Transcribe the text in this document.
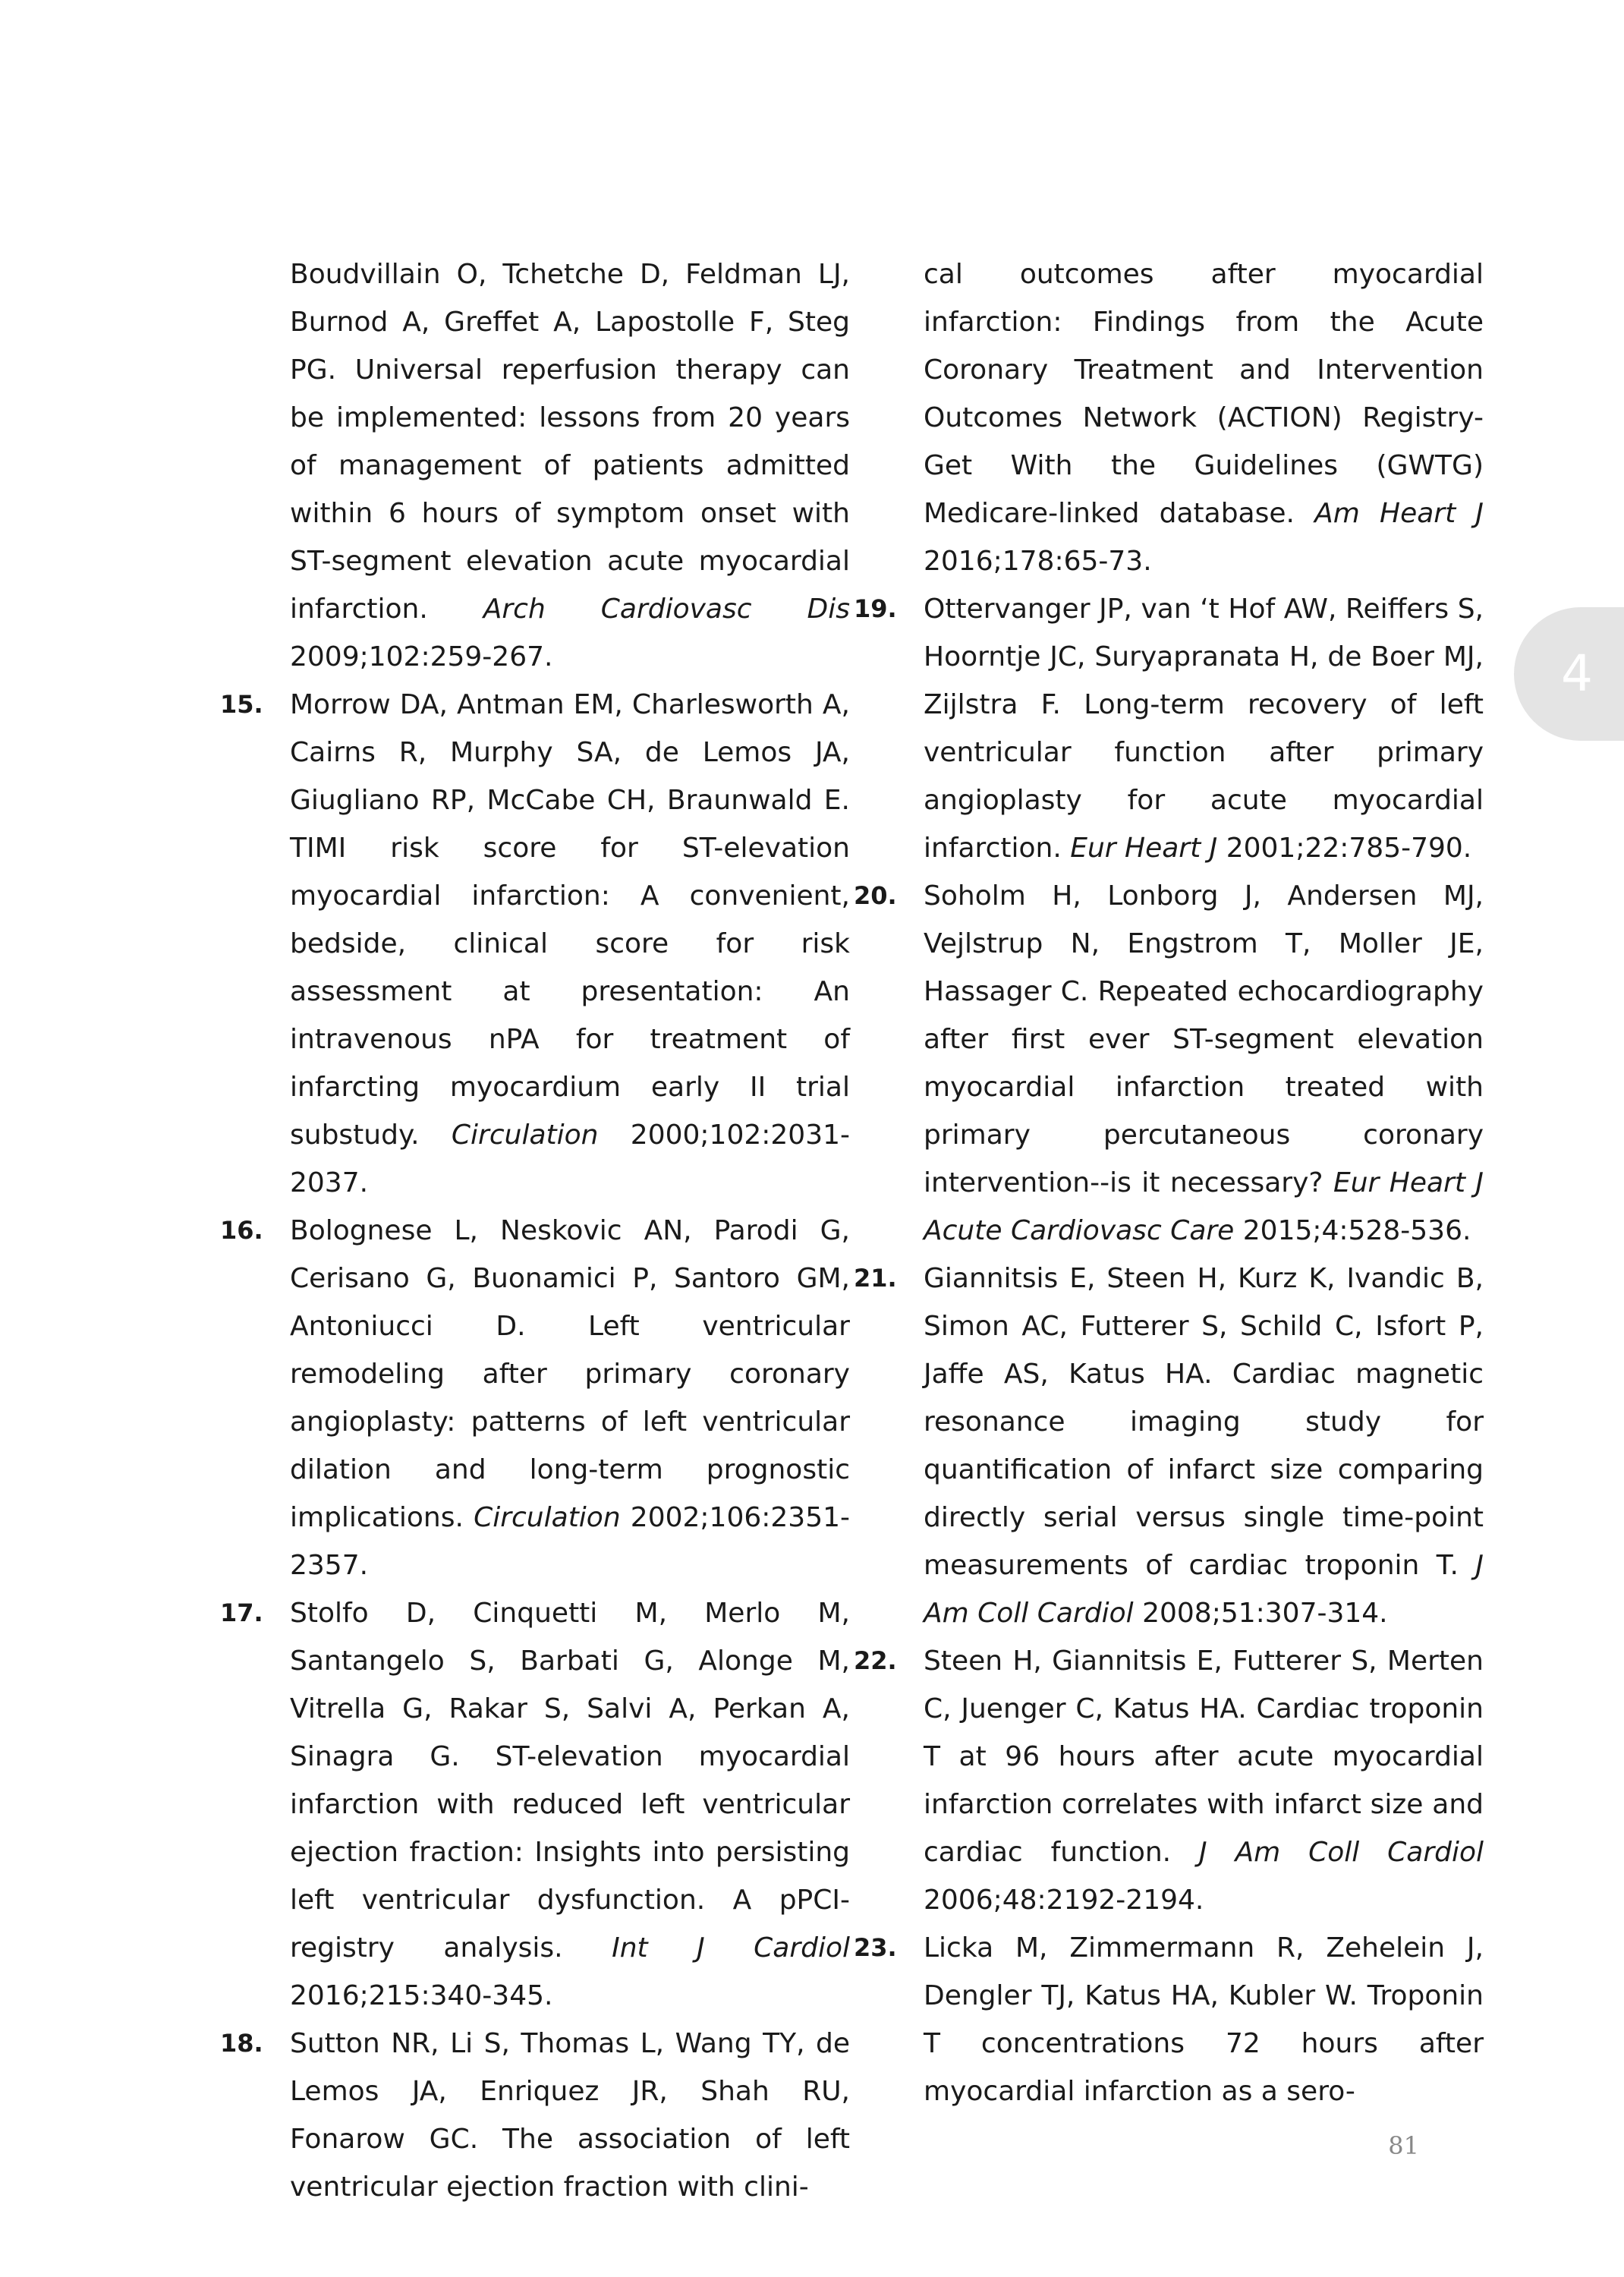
Boudvillain O, Tchetche D, Feldman LJ, Burnod A, Greffet A, Lapostolle F, Steg PG. Universal reperfusion therapy can be implemented: lessons from 20 years of management of patients admitted within 6 hours of symptom onset with ST-segment elevation acute myocardial infarction. Arch Cardiovasc Dis 2009;102:259-267.
15. Morrow DA, Antman EM, Charlesworth A, Cairns R, Murphy SA, de Lemos JA, Giugliano RP, McCabe CH, Braunwald E. TIMI risk score for ST-elevation myocardial infarction: A convenient, bedside, clinical score for risk assessment at presentation: An intravenous nPA for treatment of infarcting myocardium early II trial substudy. Circulation 2000;102:2031-2037.
16. Bolognese L, Neskovic AN, Parodi G, Cerisano G, Buonamici P, Santoro GM, Antoniucci D. Left ventricular remodeling after primary coronary angioplasty: patterns of left ventricular dilation and long-term prognostic implications. Circulation 2002;106:2351-2357.
17. Stolfo D, Cinquetti M, Merlo M, Santangelo S, Barbati G, Alonge M, Vitrella G, Rakar S, Salvi A, Perkan A, Sinagra G. ST-elevation myocardial infarction with reduced left ventricular ejection fraction: Insights into persisting left ventricular dysfunction. A pPCI-registry analysis. Int J Cardiol 2016;215:340-345.
18. Sutton NR, Li S, Thomas L, Wang TY, de Lemos JA, Enriquez JR, Shah RU, Fonarow GC. The association of left ventricular ejection fraction with clini-
cal outcomes after myocardial infarction: Findings from the Acute Coronary Treatment and Intervention Outcomes Network (ACTION) Registry-Get With the Guidelines (GWTG) Medicare-linked database. Am Heart J 2016;178:65-73.
19. Ottervanger JP, van ‘t Hof AW, Reiffers S, Hoorntje JC, Suryapranata H, de Boer MJ, Zijlstra F. Long-term recovery of left ventricular function after primary angioplasty for acute myocardial infarction. Eur Heart J 2001;22:785-790.
20. Soholm H, Lonborg J, Andersen MJ, Vejlstrup N, Engstrom T, Moller JE, Hassager C. Repeated echocardiography after first ever ST-segment elevation myocardial infarction treated with primary percutaneous coronary intervention--is it necessary? Eur Heart J Acute Cardiovasc Care 2015;4:528-536.
21. Giannitsis E, Steen H, Kurz K, Ivandic B, Simon AC, Futterer S, Schild C, Isfort P, Jaffe AS, Katus HA. Cardiac magnetic resonance imaging study for quantification of infarct size comparing directly serial versus single time-point measurements of cardiac troponin T. J Am Coll Cardiol 2008;51:307-314.
22. Steen H, Giannitsis E, Futterer S, Merten C, Juenger C, Katus HA. Cardiac troponin T at 96 hours after acute myocardial infarction correlates with infarct size and cardiac function. J Am Coll Cardiol 2006;48:2192-2194.
23. Licka M, Zimmermann R, Zehelein J, Dengler TJ, Katus HA, Kubler W. Troponin T concentrations 72 hours after myocardial infarction as a sero-
4
81
